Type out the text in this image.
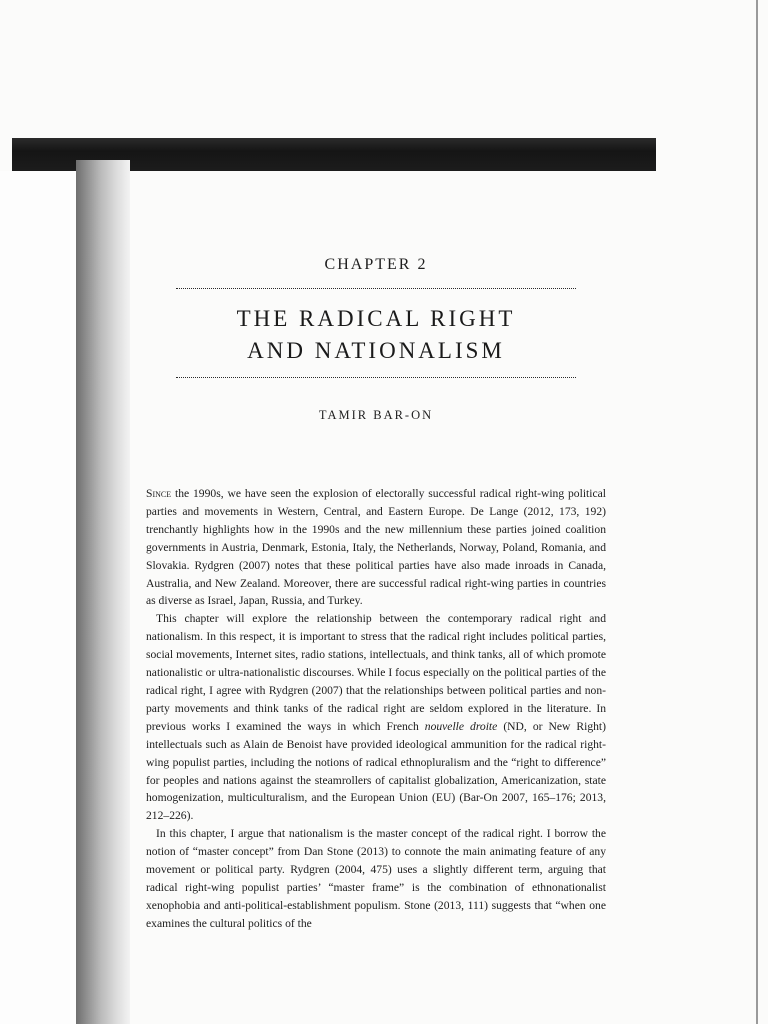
CHAPTER 2
THE RADICAL RIGHT
AND NATIONALISM
TAMIR BAR-ON

Since the 1990s, we have seen the explosion of electorally successful radical right-wing political parties and movements in Western, Central, and Eastern Europe. De Lange (2012, 173, 192) trenchantly highlights how in the 1990s and the new millennium these parties joined coalition governments in Austria, Denmark, Estonia, Italy, the Netherlands, Norway, Poland, Romania, and Slovakia. Rydgren (2007) notes that these political parties have also made inroads in Canada, Australia, and New Zealand. Moreover, there are successful radical right-wing parties in countries as diverse as Israel, Japan, Russia, and Turkey.

This chapter will explore the relationship between the contemporary radical right and nationalism. In this respect, it is important to stress that the radical right includes political parties, social movements, Internet sites, radio stations, intellectuals, and think tanks, all of which promote nationalistic or ultra-nationalistic discourses. While I focus especially on the political parties of the radical right, I agree with Rydgren (2007) that the relationships between political parties and non-party movements and think tanks of the radical right are seldom explored in the literature. In previous works I examined the ways in which French nouvelle droite (ND, or New Right) intellectuals such as Alain de Benoist have provided ideological ammunition for the radical right-wing populist parties, including the notions of radical ethnopluralism and the “right to difference” for peoples and nations against the steamrollers of capitalist globalization, Americanization, state homogenization, multiculturalism, and the European Union (EU) (Bar-On 2007, 165–176; 2013, 212–226).

In this chapter, I argue that nationalism is the master concept of the radical right. I borrow the notion of “master concept” from Dan Stone (2013) to connote the main animating feature of any movement or political party. Rydgren (2004, 475) uses a slightly different term, arguing that radical right-wing populist parties’ “master frame” is the combination of ethnonationalist xenophobia and anti-political-establishment populism. Stone (2013, 111) suggests that “when one examines the cultural politics of the
